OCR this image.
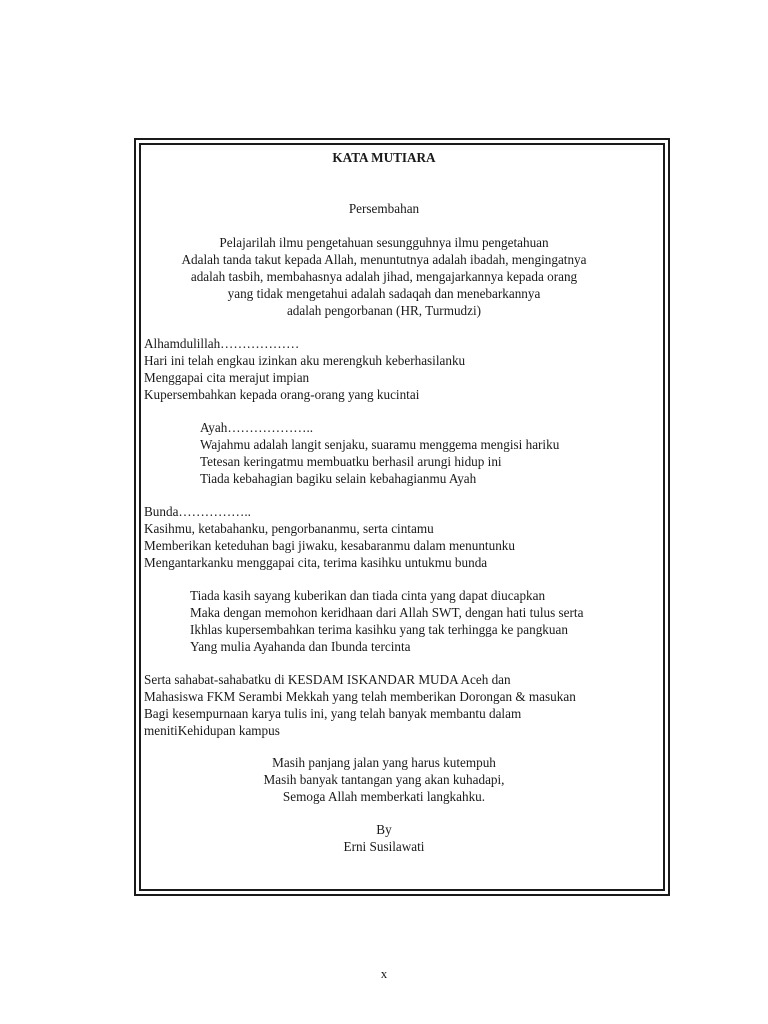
KATA MUTIARA
Persembahan
Pelajarilah ilmu pengetahuan sesungguhnya ilmu pengetahuan
Adalah tanda takut kepada Allah, menuntutnya adalah ibadah, mengingatnya
adalah tasbih, membahasnya adalah jihad, mengajarkannya kepada orang
yang tidak mengetahui adalah sadaqah dan menebarkannya
adalah pengorbanan (HR, Turmudzi)
Alhamdulillah………………
Hari ini telah engkau izinkan aku merengkuh keberhasilanku
Menggapai cita merajut impian
Kupersembahkan kepada orang-orang yang kucintai
Ayah………………..
Wajahmu adalah langit senjaku, suaramu menggema mengisi hariku
Tetesan keringatmu membuatku berhasil arungi hidup ini
Tiada kebahagian bagiku selain kebahagianmu Ayah
Bunda……………..
Kasihmu, ketabahanku, pengorbananmu, serta cintamu
Memberikan keteduhan bagi jiwaku, kesabaranmu dalam menuntunku
Mengantarkanku menggapai cita, terima kasihku untukmu bunda
Tiada kasih sayang kuberikan dan tiada cinta yang dapat diucapkan
Maka dengan memohon keridhaan dari Allah SWT, dengan hati tulus serta
Ikhlas kupersembahkan terima kasihku yang tak terhingga ke pangkuan
Yang mulia Ayahanda dan Ibunda tercinta
Serta sahabat-sahabatku di KESDAM ISKANDAR MUDA Aceh dan
Mahasiswa FKM Serambi Mekkah yang telah memberikan Dorongan & masukan
Bagi kesempurnaan karya tulis ini, yang telah banyak membantu dalam
menitiKehidupan kampus
Masih panjang jalan yang harus kutempuh
Masih banyak tantangan yang akan kuhadapi,
Semoga Allah memberkati langkahku.
By
Erni Susilawati
x
